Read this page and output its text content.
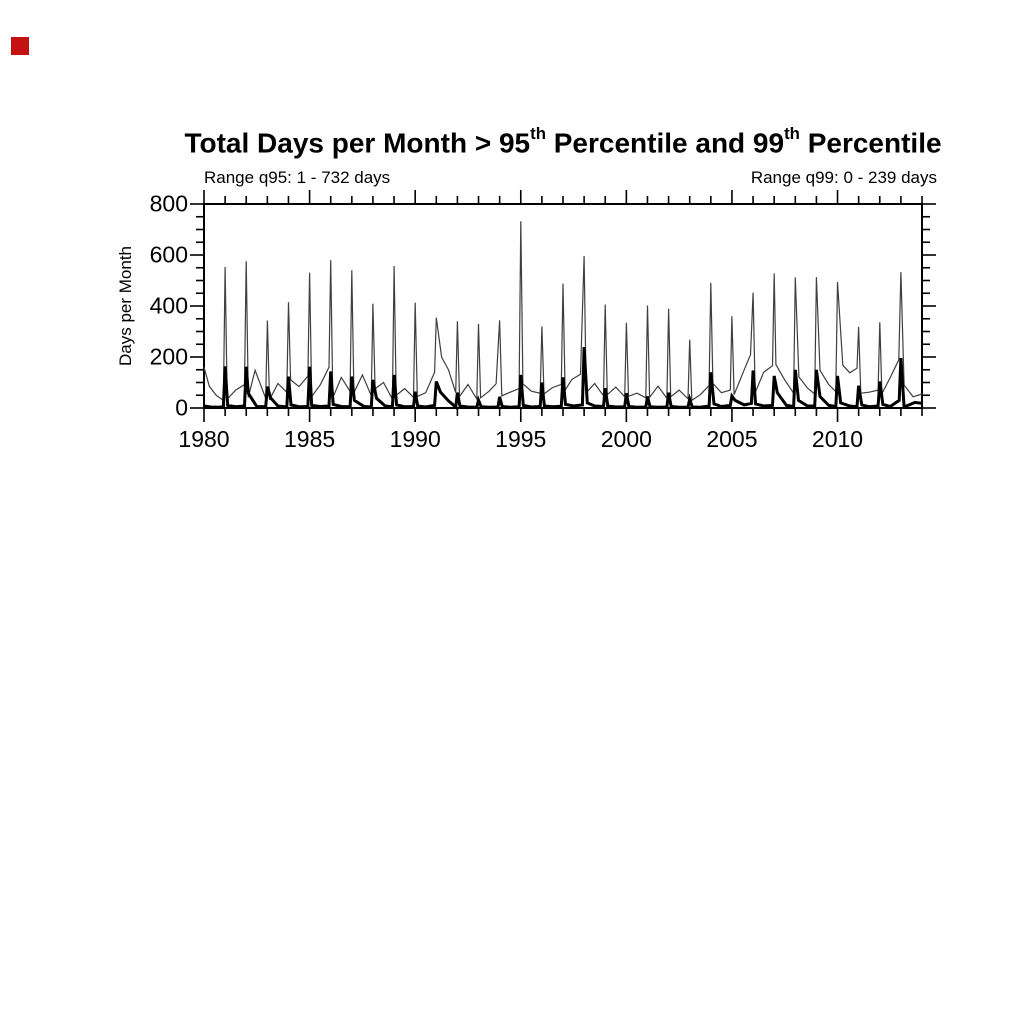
Total Days per Month > 95th Percentile and 99th Percentile
Range q95: 1 - 732 days	Range q99: 0 - 239 days
Days per Month
1980 1985 1990 1995 2000 2005 2010
0
200
400
600
800
